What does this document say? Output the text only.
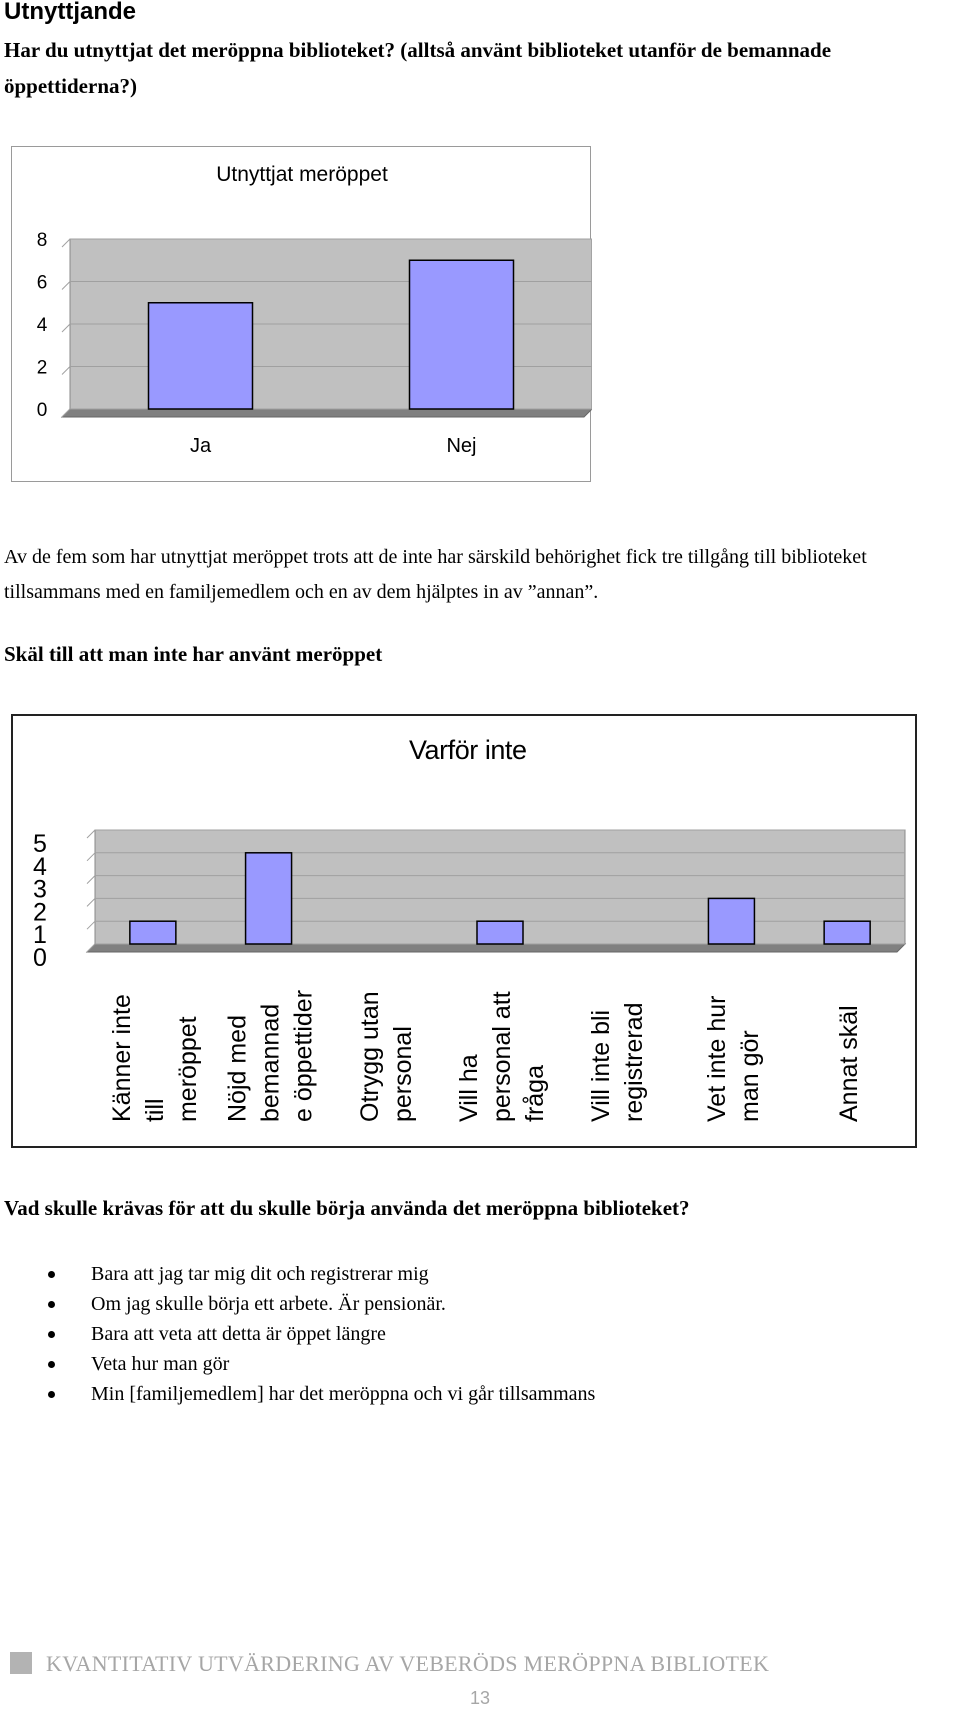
Utnyttjande
Har du utnyttjat det meröppna biblioteket? (alltså använt biblioteket utanför de bemannade öppettiderna?)
Utnyttjat meröppet
0
2
4
6
8
Ja	Nej
Av de fem som har utnyttjat meröppet trots att de inte har särskild behörighet fick tre tillgång till biblioteket tillsammans med en familjemedlem och en av dem hjälptes in av ”annan”.
Skäl till att man inte har använt meröppet
Varför inte
0
1
2
3
4
5
Känner inte till meröppet Nöjd med bemannad e öppettider Otrygg utan personal Vill ha personal att fråga Vill inte bli registrerad Vet inte hur man gör	Annat skäl
Vad skulle krävas för att du skulle börja använda det meröppna biblioteket?
Bara att jag tar mig dit och registrerar mig
Om jag skulle börja ett arbete. Är pensionär.
Bara att veta att detta är öppet längre
Veta hur man gör
Min [familjemedlem] har det meröppna och vi går tillsammans
KVANTITATIV UTVÄRDERING AV VEBERÖDS MERÖPPNA BIBLIOTEK
13
